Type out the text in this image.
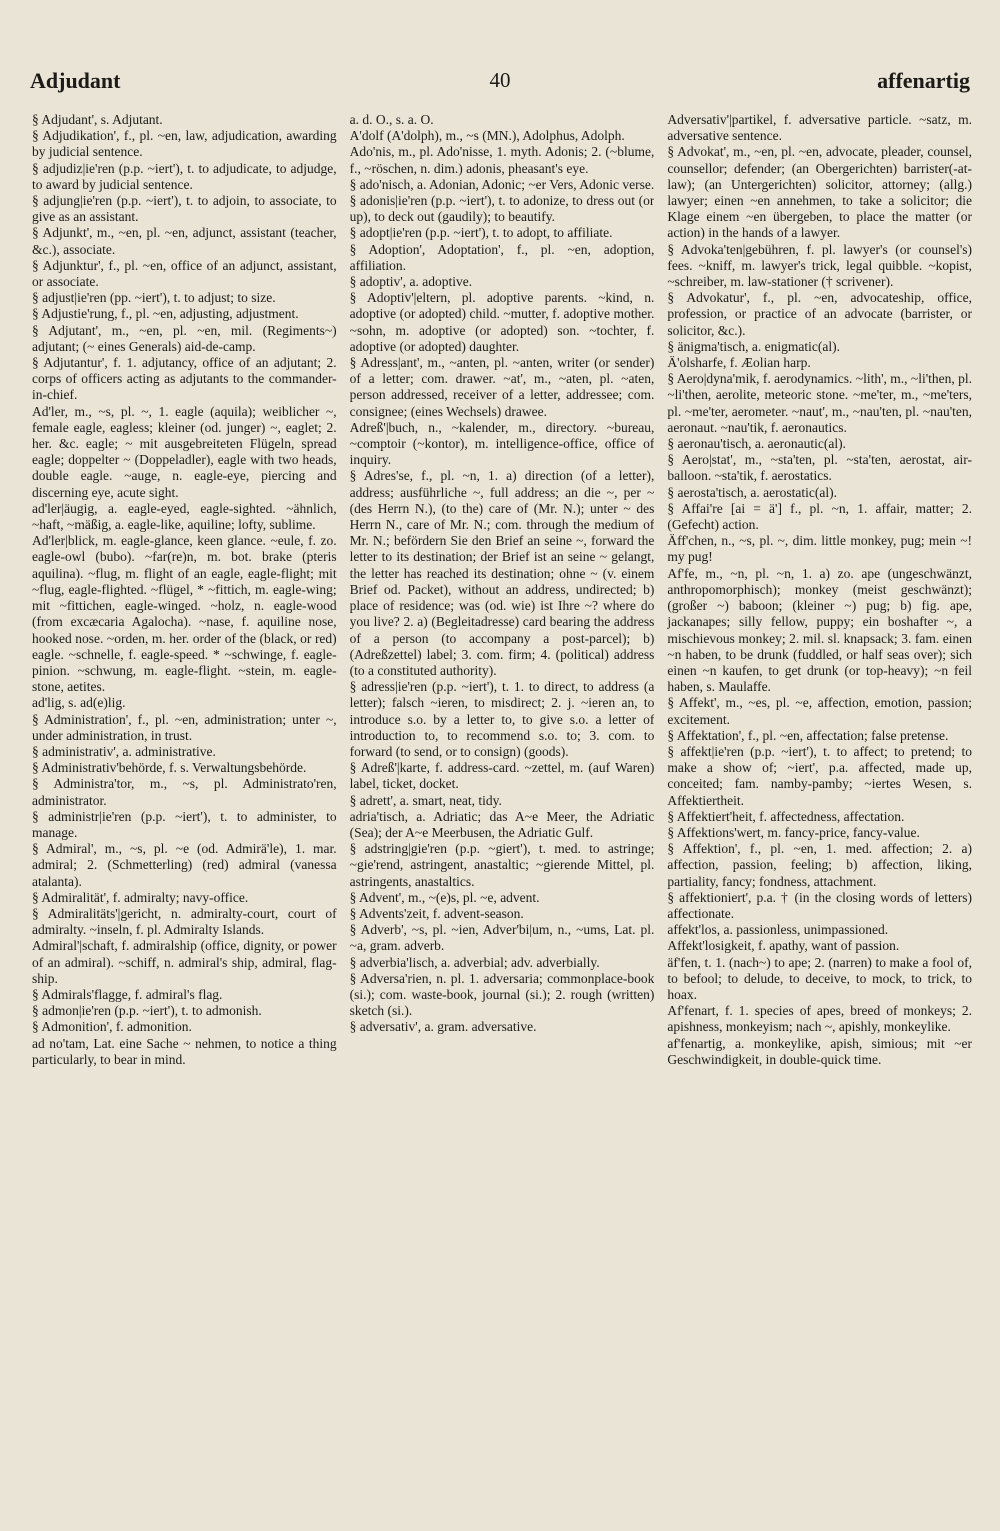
Adjudant	40	affenartig

§ Adjudant', s. Adjutant.

§ Adjudikation', f., pl. ~en, law, adjudication, awarding by judicial sentence.

§ adjudiz|ie'ren (p.p. ~iert'), t. to adjudicate, to adjudge, to award by judicial sentence.

§ adjung|ie'ren (p.p. ~iert'), t. to adjoin, to associate, to give as an assistant.

§ Adjunkt', m., ~en, pl. ~en, adjunct, assistant (teacher, &c.), associate.

§ Adjunktur', f., pl. ~en, office of an adjunct, assistant, or associate.

§ adjust|ie'ren (pp. ~iert'), t. to adjust; to size.

§ Adjustie'rung, f., pl. ~en, adjusting, adjustment.

§ Adjutant', m., ~en, pl. ~en, mil. (Regiments~) adjutant; (~ eines Generals) aid-de-camp.

§ Adjutantur', f. 1. adjutancy, office of an adjutant; 2. corps of officers acting as adjutants to the commander-in-chief.

Ad'ler, m., ~s, pl. ~, 1. eagle (aquila); weiblicher ~, female eagle, eagless; kleiner (od. junger) ~, eaglet; 2. her. &c. eagle; ~ mit ausgebreiteten Flügeln, spread eagle; doppelter ~ (Doppeladler), eagle with two heads, double eagle. ~auge, n. eagle-eye, piercing and discerning eye, acute sight.

ad'ler|äugig, a. eagle-eyed, eagle-sighted. ~ähnlich, ~haft, ~mäßig, a. eagle-like, aquiline; lofty, sublime.

Ad'ler|blick, m. eagle-glance, keen glance. ~eule, f. zo. eagle-owl (bubo). ~far(re)n, m. bot. brake (pteris aquilina). ~flug, m. flight of an eagle, eagle-flight; mit ~flug, eagle-flighted. ~flügel, * ~fittich, m. eagle-wing; mit ~fittichen, eagle-winged. ~holz, n. eagle-wood (from excæcaria Agalocha). ~nase, f. aquiline nose, hooked nose. ~orden, m. her. order of the (black, or red) eagle. ~schnelle, f. eagle-speed. * ~schwinge, f. eagle-pinion. ~schwung, m. eagle-flight. ~stein, m. eagle-stone, aetites.

ad'lig, s. ad(e)lig.

§ Administration', f., pl. ~en, administration; unter ~, under administration, in trust.

§ administrativ', a. administrative.

§ Administrativ'behörde, f. s. Verwaltungsbehörde.

§ Administra'tor, m., ~s, pl. Administrato'ren, administrator.

§ administr|ie'ren (p.p. ~iert'), t. to administer, to manage.

§ Admiral', m., ~s, pl. ~e (od. Admirä'le), 1. mar. admiral; 2. (Schmetterling) (red) admiral (vanessa atalanta).

§ Admiralität', f. admiralty; navy-office.

§ Admiralitäts'|gericht, n. admiralty-court, court of admiralty. ~inseln, f. pl. Admiralty Islands.

Admiral'|schaft, f. admiralship (office, dignity, or power of an admiral). ~schiff, n. admiral's ship, admiral, flag-ship.

§ Admirals'flagge, f. admiral's flag.

§ admon|ie'ren (p.p. ~iert'), t. to admonish.

§ Admonition', f. admonition.

ad no'tam, Lat. eine Sache ~ nehmen, to notice a thing particularly, to bear in mind.

a. d. O., s. a. O.

A'dolf (A'dolph), m., ~s (MN.), Adolphus, Adolph.

Ado'nis, m., pl. Ado'nisse, 1. myth. Adonis; 2. (~blume, f., ~röschen, n. dim.) adonis, pheasant's eye.

§ ado'nisch, a. Adonian, Adonic; ~er Vers, Adonic verse.

§ adonis|ie'ren (p.p. ~iert'), t. to adonize, to dress out (or up), to deck out (gaudily); to beautify.

§ adopt|ie'ren (p.p. ~iert'), t. to adopt, to affiliate.

§ Adoption', Adoptation', f., pl. ~en, adoption, affiliation.

§ adoptiv', a. adoptive.

§ Adoptiv'|eltern, pl. adoptive parents. ~kind, n. adoptive (or adopted) child. ~mutter, f. adoptive mother. ~sohn, m. adoptive (or adopted) son. ~tochter, f. adoptive (or adopted) daughter.

§ Adress|ant', m., ~anten, pl. ~anten, writer (or sender) of a letter; com. drawer. ~at', m., ~aten, pl. ~aten, person addressed, receiver of a letter, addressee; com. consignee; (eines Wechsels) drawee.

Adreß'|buch, n., ~kalender, m., directory. ~bureau, ~comptoir (~kontor), m. intelligence-office, office of inquiry.

§ Adres'se, f., pl. ~n, 1. a) direction (of a letter), address; ausführliche ~, full address; an die ~, per ~ (des Herrn N.), (to the) care of (Mr. N.); unter ~ des Herrn N., care of Mr. N.; com. through the medium of Mr. N.; befördern Sie den Brief an seine ~, forward the letter to its destination; der Brief ist an seine ~ gelangt, the letter has reached its destination; ohne ~ (v. einem Brief od. Packet), without an address, undirected; b) place of residence; was (od. wie) ist Ihre ~? where do you live? 2. a) (Begleitadresse) card bearing the address of a person (to accompany a post-parcel); b) (Adreßzettel) label; 3. com. firm; 4. (political) address (to a constituted authority).

§ adress|ie'ren (p.p. ~iert'), t. 1. to direct, to address (a letter); falsch ~ieren, to misdirect; 2. j. ~ieren an, to introduce s.o. by a letter to, to give s.o. a letter of introduction to, to recommend s.o. to; 3. com. to forward (to send, or to consign) (goods).

§ Adreß'|karte, f. address-card. ~zettel, m. (auf Waren) label, ticket, docket.

§ adrett', a. smart, neat, tidy.

adria'tisch, a. Adriatic; das A~e Meer, the Adriatic (Sea); der A~e Meerbusen, the Adriatic Gulf.

§ adstring|gie'ren (p.p. ~giert'), t. med. to astringe; ~gie'rend, astringent, anastaltic; ~gierende Mittel, pl. astringents, anastaltics.

§ Advent', m., ~(e)s, pl. ~e, advent.

§ Advents'zeit, f. advent-season.

§ Adverb', ~s, pl. ~ien, Adver'bi|um, n., ~ums, Lat. pl. ~a, gram. adverb.

§ adverbia'lisch, a. adverbial; adv. adverbially.

§ Adversa'rien, n. pl. 1. adversaria; commonplace-book (si.); com. waste-book, journal (si.); 2. rough (written) sketch (si.).

§ adversativ', a. gram. adversative.

Adversativ'|partikel, f. adversative particle. ~satz, m. adversative sentence.

§ Advokat', m., ~en, pl. ~en, advocate, pleader, counsel, counsellor; defender; (an Obergerichten) barrister(-at-law); (an Untergerichten) solicitor, attorney; (allg.) lawyer; einen ~en annehmen, to take a solicitor; die Klage einem ~en übergeben, to place the matter (or action) in the hands of a lawyer.

§ Advoka'ten|gebühren, f. pl. lawyer's (or counsel's) fees. ~kniff, m. lawyer's trick, legal quibble. ~kopist, ~schreiber, m. law-stationer († scrivener).

§ Advokatur', f., pl. ~en, advocateship, office, profession, or practice of an advocate (barrister, or solicitor, &c.).

§ änigma'tisch, a. enigmatic(al).

Ä'olsharfe, f. Æolian harp.

§ Aero|dyna'mik, f. aerodynamics. ~lith', m., ~li'then, pl. ~li'then, aerolite, meteoric stone. ~me'ter, m., ~me'ters, pl. ~me'ter, aerometer. ~naut', m., ~nau'ten, pl. ~nau'ten, aeronaut. ~nau'tik, f. aeronautics.

§ aeronau'tisch, a. aeronautic(al).

§ Aero|stat', m., ~sta'ten, pl. ~sta'ten, aerostat, air-balloon. ~sta'tik, f. aerostatics.

§ aerosta'tisch, a. aerostatic(al).

§ Affai're [ai = ä'] f., pl. ~n, 1. affair, matter; 2. (Gefecht) action.

Äff'chen, n., ~s, pl. ~, dim. little monkey, pug; mein ~! my pug!

Af'fe, m., ~n, pl. ~n, 1. a) zo. ape (ungeschwänzt, anthropomorphisch); monkey (meist geschwänzt); (großer ~) baboon; (kleiner ~) pug; b) fig. ape, jackanapes; silly fellow, puppy; ein boshafter ~, a mischievous monkey; 2. mil. sl. knapsack; 3. fam. einen ~n haben, to be drunk (fuddled, or half seas over); sich einen ~n kaufen, to get drunk (or top-heavy); ~n feil haben, s. Maulaffe.

§ Affekt', m., ~es, pl. ~e, affection, emotion, passion; excitement.

§ Affektation', f., pl. ~en, affectation; false pretense.

§ affekt|ie'ren (p.p. ~iert'), t. to affect; to pretend; to make a show of; ~iert', p.a. affected, made up, conceited; fam. namby-pamby; ~iertes Wesen, s. Affektiertheit.

§ Affektiert'heit, f. affectedness, affectation.

§ Affektions'wert, m. fancy-price, fancy-value.

§ Affektion', f., pl. ~en, 1. med. affection; 2. a) affection, passion, feeling; b) affection, liking, partiality, fancy; fondness, attachment.

§ affektioniert', p.a. † (in the closing words of letters) affectionate.

affekt'los, a. passionless, unimpassioned.

Affekt'losigkeit, f. apathy, want of passion.

äf'fen, t. 1. (nach~) to ape; 2. (narren) to make a fool of, to befool; to delude, to deceive, to mock, to trick, to hoax.

Af'fenart, f. 1. species of apes, breed of monkeys; 2. apishness, monkeyism; nach ~, apishly, monkeylike.

af'fenartig, a. monkeylike, apish, simious; mit ~er Geschwindigkeit, in double-quick time.
